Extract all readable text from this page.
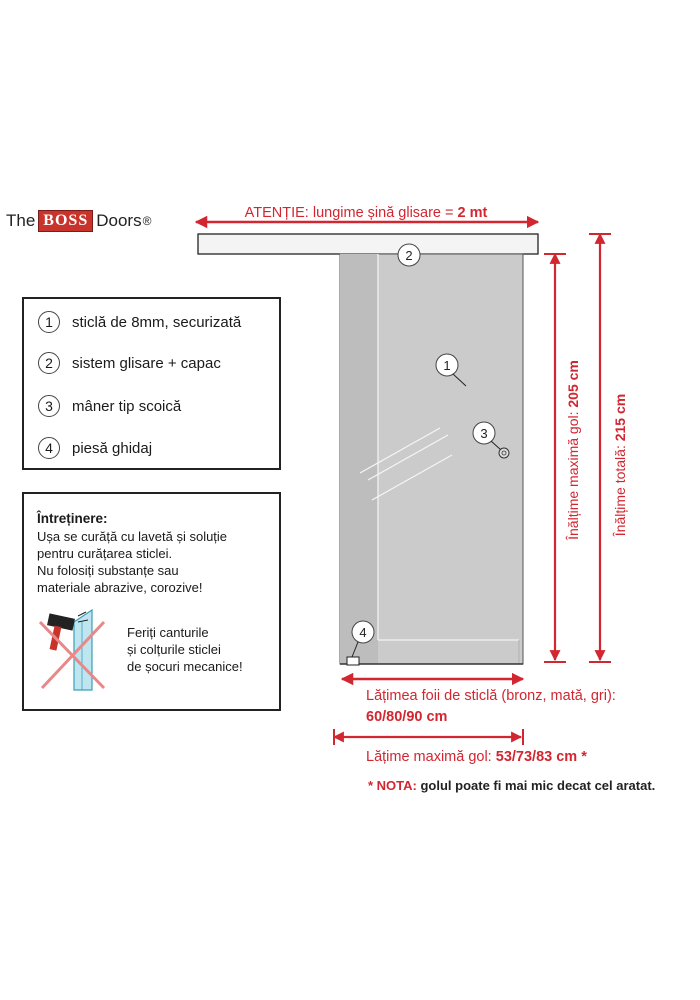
The BOSS Doors ®	ATENȚIE: lungime șină glisare = 2 mt
2
1
3
4
Înălțime maximă gol: 205 cm
Înălțime totală: 215 cm
Lățimea foii de sticlă (bronz, mată, gri):
60/80/90 cm
Lățime maximă gol: 53/73/83 cm *
1	sticlă de 8mm, securizată
2	sistem glisare + capac
3	mâner tip scoică
4	piesă ghidaj
Întreținere:
Ușa se curăță cu lavetă și soluție
pentru curățarea sticlei.
Nu folosiți substanțe sau
materiale abrazive, corozive!
Feriți canturile
și colțurile sticlei
de șocuri mecanice!
* NOTA: golul poate fi mai mic decat cel aratat.
